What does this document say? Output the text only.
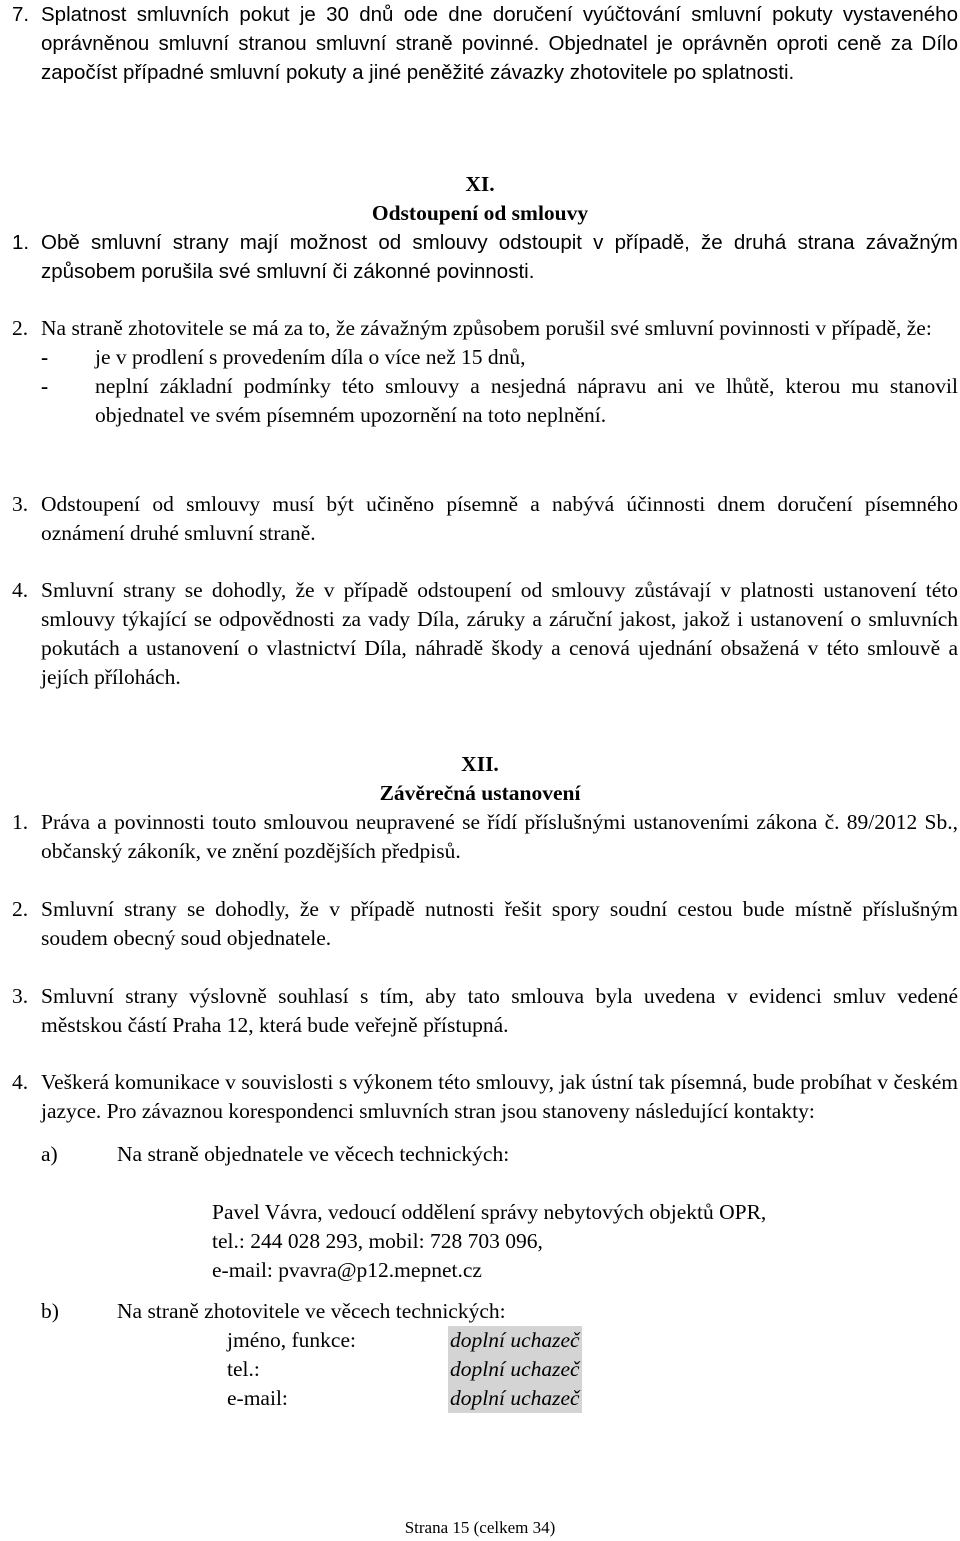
7. Splatnost smluvních pokut je 30 dnů ode dne doručení vyúčtování smluvní pokuty vystaveného oprávněnou smluvní stranou smluvní straně povinné. Objednatel je oprávněn oproti ceně za Dílo započíst případné smluvní pokuty a jiné peněžité závazky zhotovitele po splatnosti.
XI.
Odstoupení od smlouvy
1. Obě smluvní strany mají možnost od smlouvy odstoupit v případě, že druhá strana závažným způsobem porušila své smluvní či zákonné povinnosti.
2. Na straně zhotovitele se má za to, že závažným způsobem porušil své smluvní povinnosti v případě, že:
-	je v prodlení s provedením díla o více než 15 dnů,
-	neplní základní podmínky této smlouvy a nesjedná nápravu ani ve lhůtě, kterou mu stanovil objednatel ve svém písemném upozornění na toto neplnění.
3. Odstoupení od smlouvy musí být učiněno písemně a nabývá účinnosti dnem doručení písemného oznámení druhé smluvní straně.
4. Smluvní strany se dohodly, že v případě odstoupení od smlouvy zůstávají v platnosti ustanovení této smlouvy týkající se odpovědnosti za vady Díla, záruky a záruční jakost, jakož i ustanovení o smluvních pokutách a ustanovení o vlastnictví Díla, náhradě škody a cenová ujednání obsažená v této smlouvě a jejích přílohách.
XII.
Závěrečná ustanovení
1. Práva a povinnosti touto smlouvou neupravené se řídí příslušnými ustanoveními zákona č. 89/2012 Sb., občanský zákoník, ve znění pozdějších předpisů.
2. Smluvní strany se dohodly, že v případě nutnosti řešit spory soudní cestou bude místně příslušným soudem obecný soud objednatele.
3. Smluvní strany výslovně souhlasí s tím, aby tato smlouva byla uvedena v evidenci smluv vedené městskou částí Praha 12, která bude veřejně přístupná.
4. Veškerá komunikace v souvislosti s výkonem této smlouvy, jak ústní tak písemná, bude probíhat v českém jazyce. Pro závaznou korespondenci smluvních stran jsou stanoveny následující kontakty:
a)	Na straně objednatele ve věcech technických:
Pavel Vávra, vedoucí oddělení správy nebytových objektů OPR,
tel.: 244 028 293, mobil: 728 703 096,
e-mail: pvavra@p12.mepnet.cz
b)	Na straně zhotovitele ve věcech technických:
jméno, funkce:	doplní uchazeč
tel.:	doplní uchazeč
e-mail:	doplní uchazeč
Strana 15 (celkem 34)
